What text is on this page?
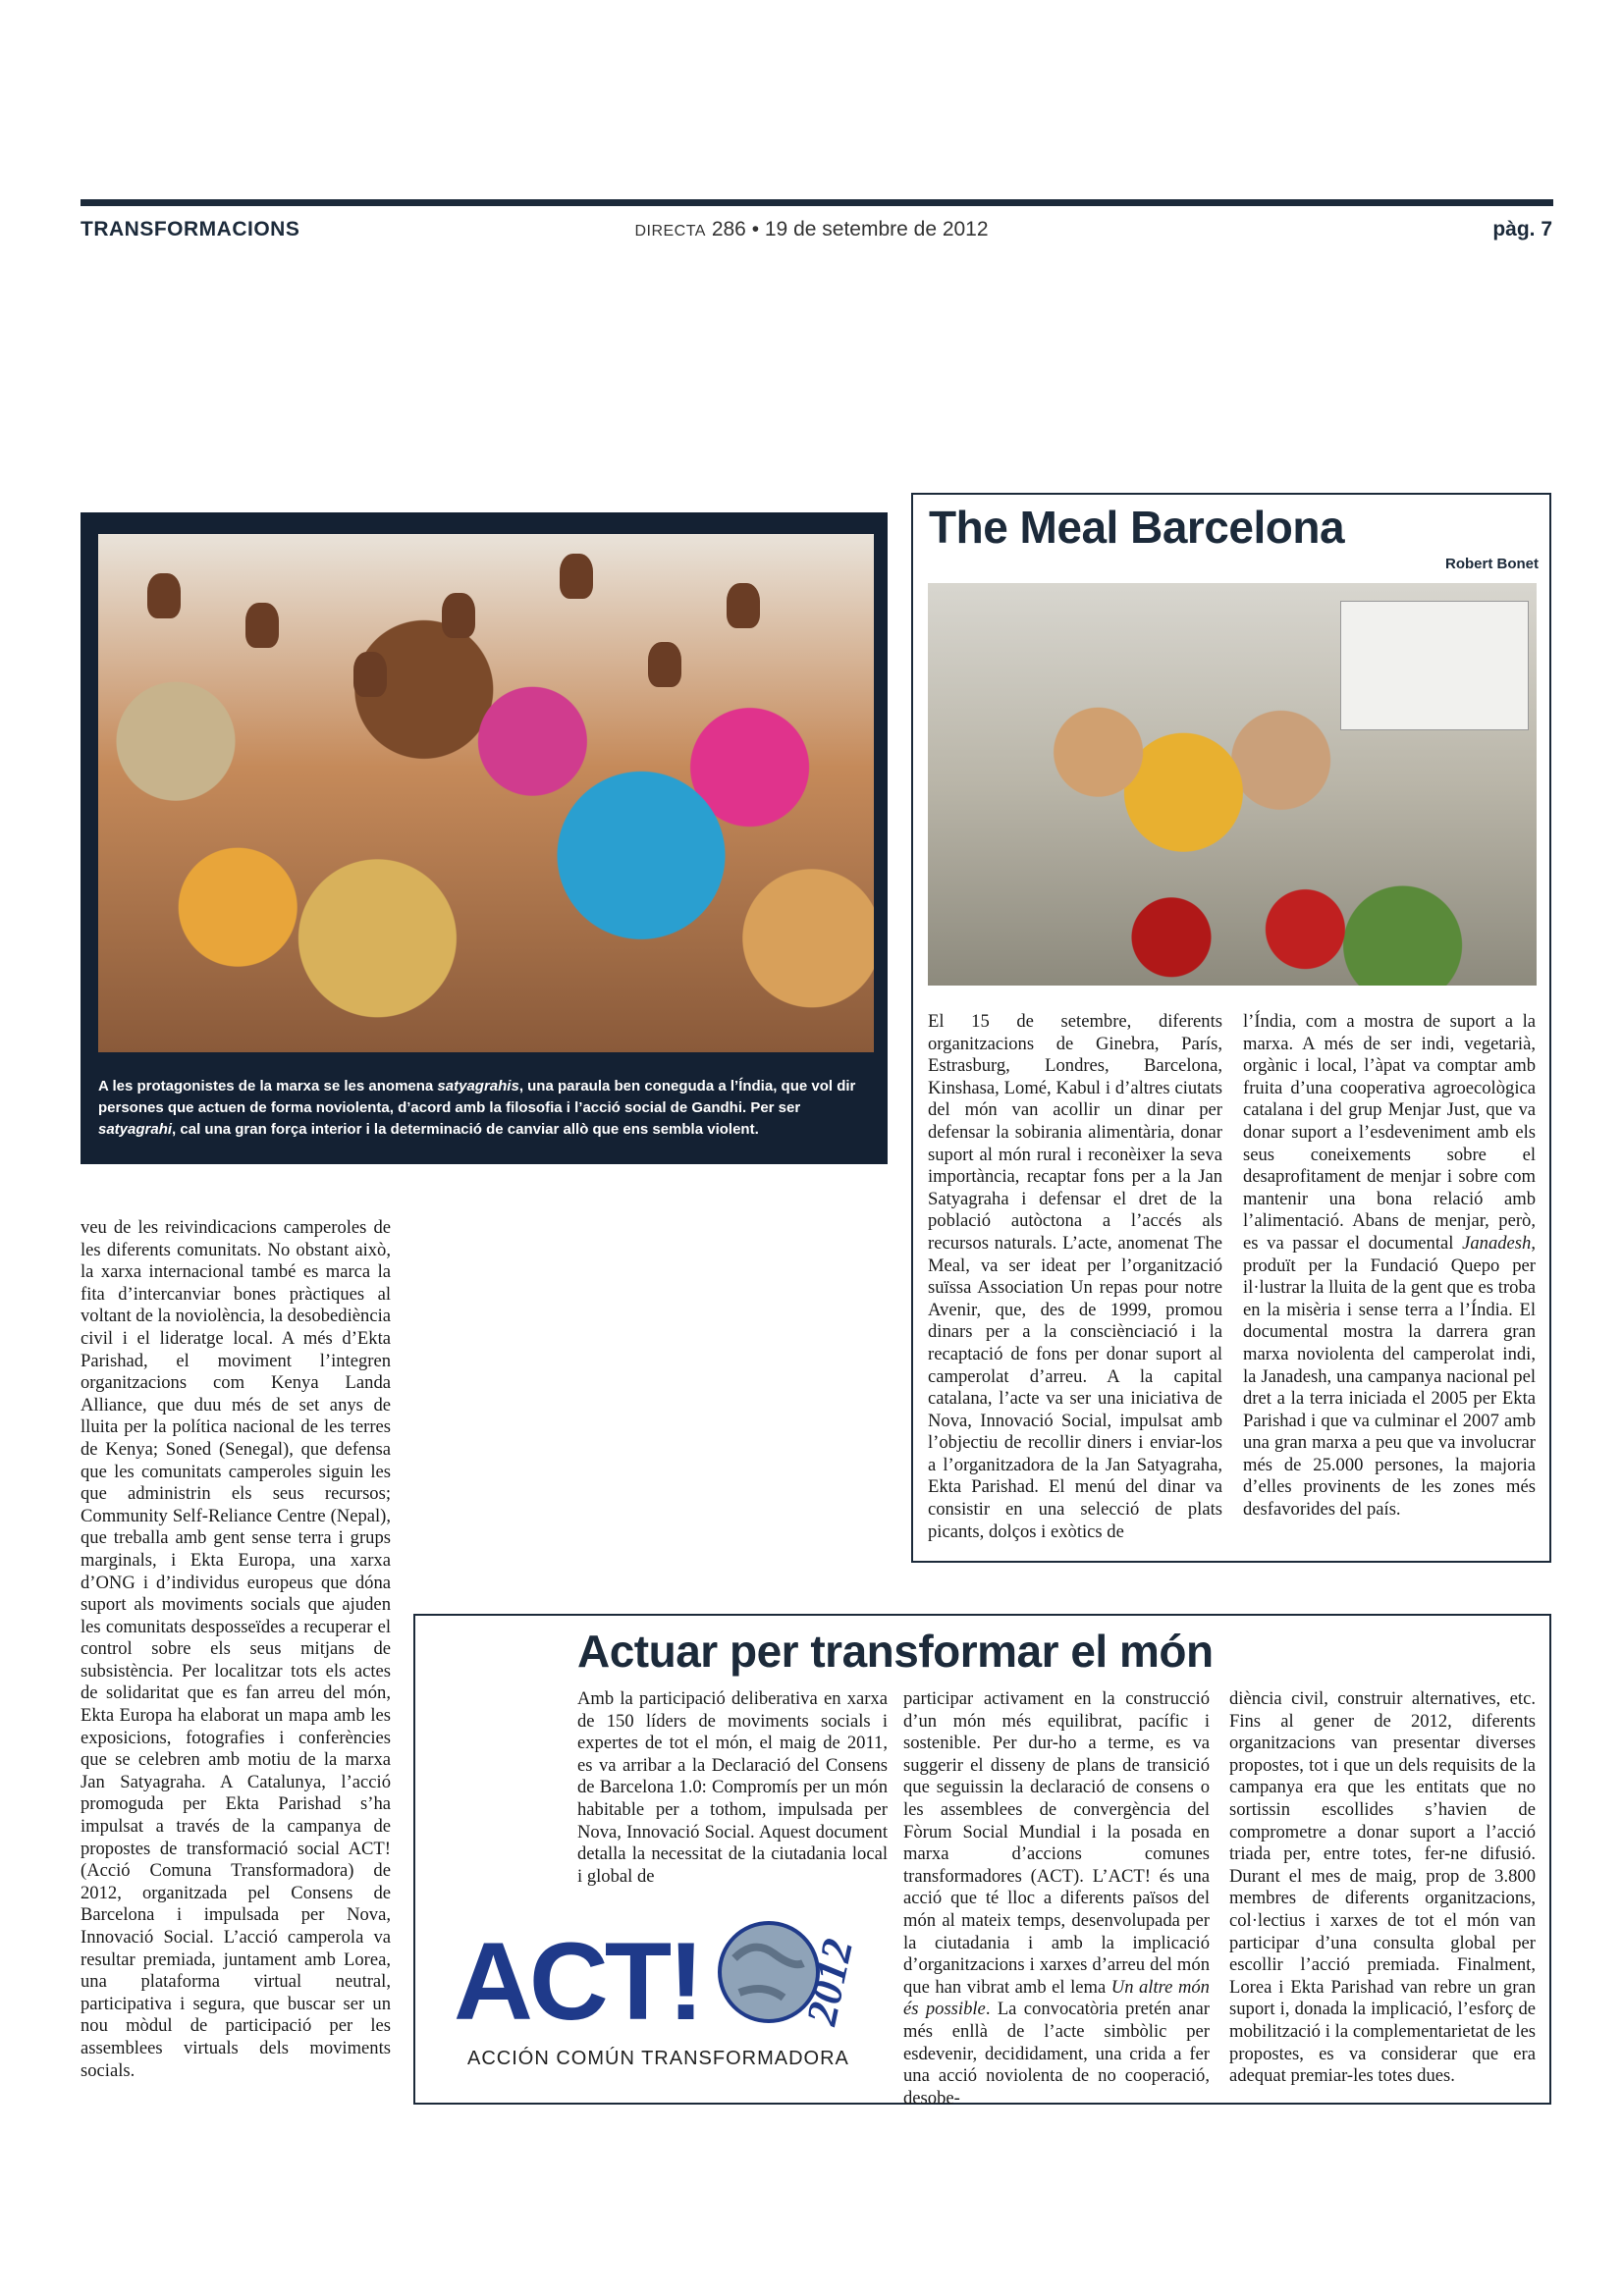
TRANSFORMACIONS	DIRECTA 286 • 19 de setembre de 2012	pàg. 7
A les protagonistes de la marxa se les anomena satyagrahis, una paraula ben coneguda a l’Índia, que vol dir persones que actuen de forma noviolenta, d’acord amb la filosofia i l’acció social de Gandhi. Per ser satyagrahi, cal una gran força interior i la determinació de canviar allò que ens sembla violent.

veu de les reivindicacions camperoles de les diferents comunitats. No obstant això, la xarxa internacional també es marca la fita d’intercanviar bones pràctiques al voltant de la noviolència, la desobediència civil i el lideratge local. A més d’Ekta Parishad, el moviment l’integren organitzacions com Kenya Landa Alliance, que duu més de set anys de lluita per la política nacional de les terres de Kenya; Soned (Senegal), que defensa que les comunitats camperoles siguin les que administrin els seus recursos; Community Self-Reliance Centre (Nepal), que treballa amb gent sense terra i grups marginals, i Ekta Europa, una xarxa d’ONG i d’individus europeus que dóna suport als moviments socials que ajuden les comunitats desposseïdes a recuperar el control sobre els seus mitjans de subsistència. Per localitzar tots els actes de solidaritat que es fan arreu del món, Ekta Europa ha elaborat un mapa amb les exposicions, fotografies i conferències que se celebren amb motiu de la marxa Jan Satyagraha. A Catalunya, l’acció promoguda per Ekta Parishad s’ha impulsat a través de la campanya de propostes de transformació social ACT! (Acció Comuna Transformadora) de 2012, organitzada pel Consens de Barcelona i impulsada per Nova, Innovació Social. L’acció camperola va resultar premiada, juntament amb Lorea, una plataforma virtual neutral, participativa i segura, que buscar ser un nou mòdul de participació per les assemblees virtuals dels moviments socials.

The Meal Barcelona
Robert Bonet

El 15 de setembre, diferents organitzacions de Ginebra, París, Estrasburg, Londres, Barcelona, Kinshasa, Lomé, Kabul i d’altres ciutats del món van acollir un dinar per defensar la sobirania alimentària, donar suport al món rural i reconèixer la seva importància, recaptar fons per a la Jan Satyagraha i defensar el dret de la població autòctona a l’accés als recursos naturals. L’acte, anomenat The Meal, va ser ideat per l’organització suïssa Association Un repas pour notre Avenir, que, des de 1999, promou dinars per a la consciènciació i la recaptació de fons per donar suport al camperolat d’arreu. A la capital catalana, l’acte va ser una iniciativa de Nova, Innovació Social, impulsat amb l’objectiu de recollir diners i enviar-los a l’organitzadora de la Jan Satyagraha, Ekta Parishad. El menú del dinar va consistir en una selecció de plats picants, dolços i exòtics de

l’Índia, com a mostra de suport a la marxa. A més de ser indi, vegetarià, orgànic i local, l’àpat va comptar amb fruita d’una cooperativa agroecològica catalana i del grup Menjar Just, que va donar suport a l’esdeveniment amb els seus coneixements sobre el desaprofitament de menjar i sobre com mantenir una bona relació amb l’alimentació. Abans de menjar, però, es va passar el documental Janadesh, produït per la Fundació Quepo per il·lustrar la lluita de la gent que es troba en la misèria i sense terra a l’Índia. El documental mostra la darrera gran marxa noviolenta del camperolat indi, la Janadesh, una campanya nacional pel dret a la terra iniciada el 2005 per Ekta Parishad i que va culminar el 2007 amb una gran marxa a peu que va involucrar més de 25.000 persones, la majoria d’elles provinents de les zones més desfavorides del país.

Actuar per transformar el món

Amb la participació deliberativa en xarxa de 150 líders de moviments socials i expertes de tot el món, el maig de 2011, es va arribar a la Declaració del Consens de Barcelona 1.0: Compromís per un món habitable per a tothom, impulsada per Nova, Innovació Social. Aquest document detalla la necessitat de la ciutadania local i global de

participar activament en la construcció d’un món més equilibrat, pacífic i sostenible. Per dur-ho a terme, es va suggerir el disseny de plans de transició que seguissin la declaració de consens o les assemblees de convergència del Fòrum Social Mundial i la posada en marxa d’accions comunes transformadores (ACT). L’ACT! és una acció que té lloc a diferents països del món al mateix temps, desenvolupada per la ciutadania i amb la implicació d’organitzacions i xarxes d’arreu del món que han vibrat amb el lema Un altre món és possible. La convocatòria pretén anar més enllà de l’acte simbòlic per esdevenir, decididament, una crida a fer una acció noviolenta de no cooperació, desobe-

diència civil, construir alternatives, etc. Fins al gener de 2012, diferents organitzacions van presentar diverses propostes, tot i que un dels requisits de la campanya era que les entitats que no sortissin escollides s’havien de comprometre a donar suport a l’acció triada per, entre totes, fer-ne difusió. Durant el mes de maig, prop de 3.800 membres de diferents organitzacions, col·lectius i xarxes de tot el món van participar d’una consulta global per escollir l’acció premiada. Finalment, Lorea i Ekta Parishad van rebre un gran suport i, donada la implicació, l’esforç de mobilització i la complementarietat de les propostes, es va considerar que era adequat premiar-les totes dues.

ACT! 2012
ACCIÓN COMÚN TRANSFORMADORA
